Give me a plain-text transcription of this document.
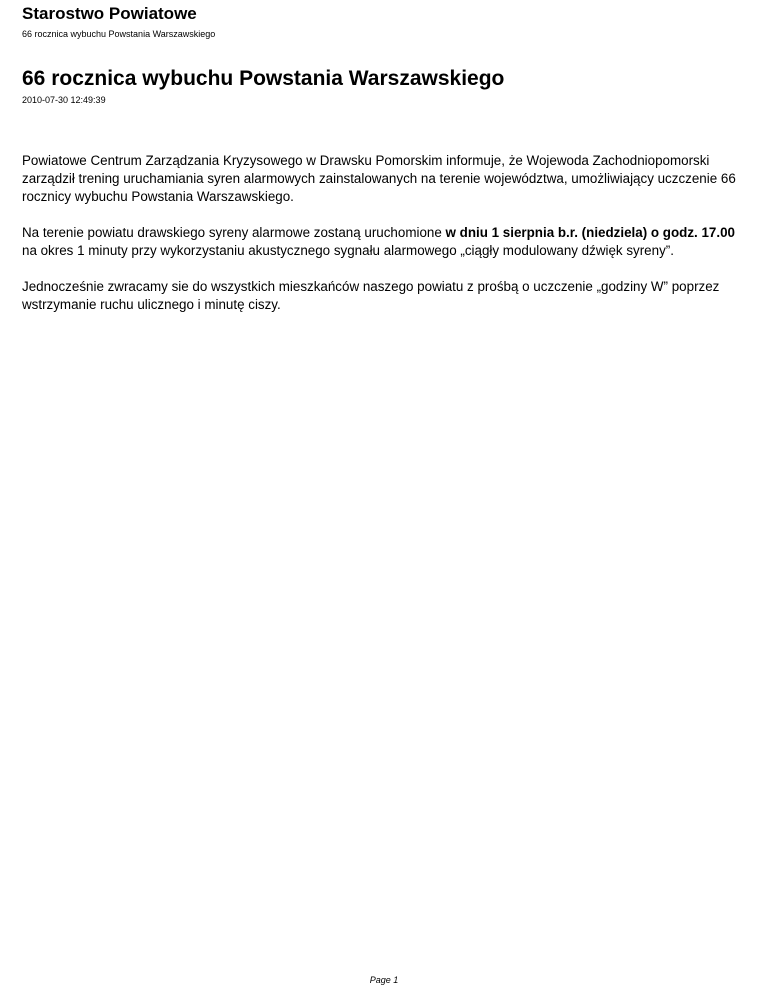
Starostwo Powiatowe
66 rocznica wybuchu Powstania Warszawskiego
66 rocznica wybuchu Powstania Warszawskiego
2010-07-30 12:49:39

Powiatowe Centrum Zarządzania Kryzysowego w Drawsku Pomorskim informuje, że Wojewoda Zachodniopomorski zarządził trening uruchamiania syren alarmowych zainstalowanych na terenie województwa, umożliwiający uczczenie 66 rocznicy wybuchu Powstania Warszawskiego.

Na terenie powiatu drawskiego syreny alarmowe zostaną uruchomione w dniu 1 sierpnia b.r. (niedziela) o godz. 17.00 na okres 1 minuty przy wykorzystaniu akustycznego sygnału alarmowego „ciągły modulowany dźwięk syreny”.

Jednocześnie zwracamy sie do wszystkich mieszkańców naszego powiatu z prośbą o uczczenie „godziny W” poprzez wstrzymanie ruchu ulicznego i minutę ciszy.

Page 1
